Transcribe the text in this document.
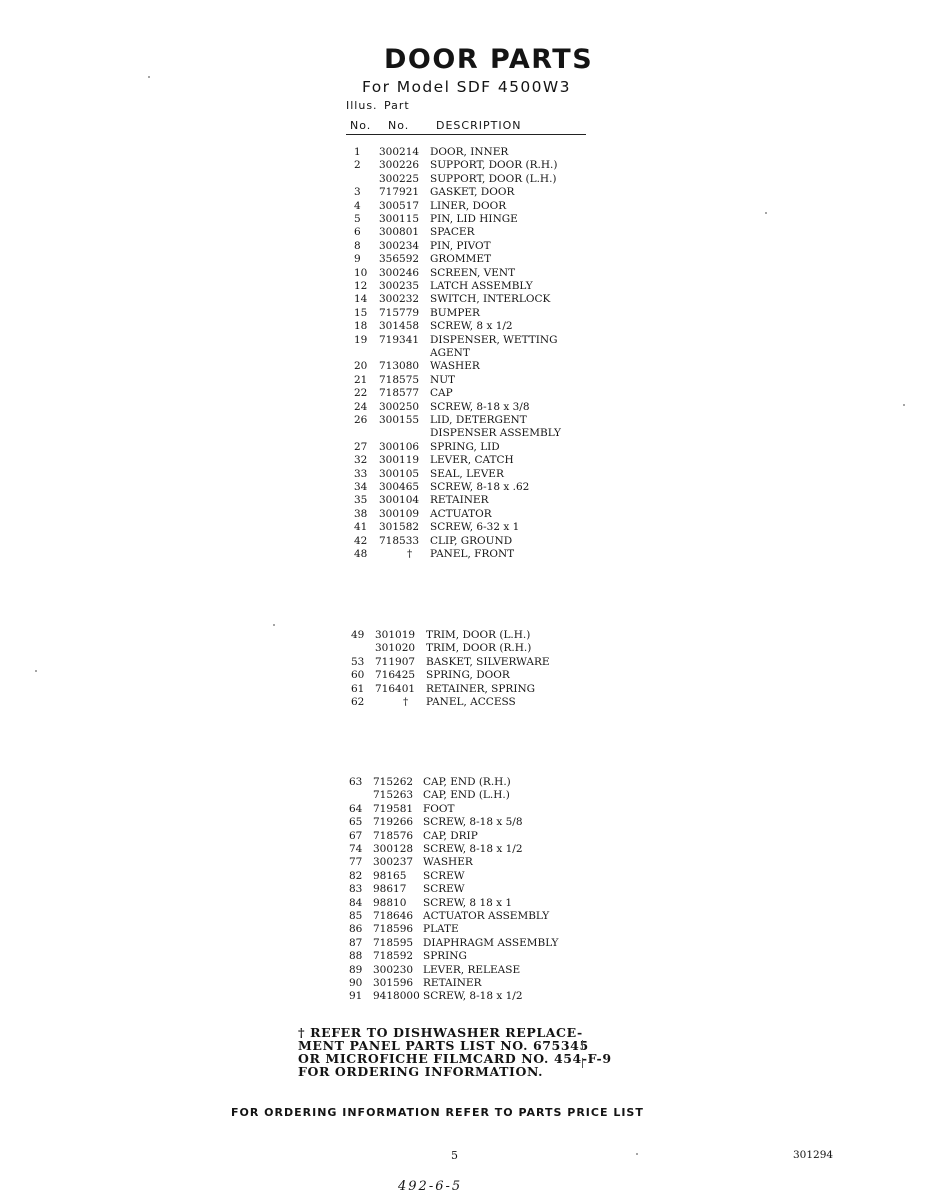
DOOR PARTS
For Model SDF 4500W3
Illus. Part
No. No. DESCRIPTION
1 300214 DOOR, INNER
2 300226 SUPPORT, DOOR (R.H.)
300225 SUPPORT, DOOR (L.H.)
3 717921 GASKET, DOOR
4 300517 LINER, DOOR
5 300115 PIN, LID HINGE
6 300801 SPACER
8 300234 PIN, PIVOT
9 356592 GROMMET
10 300246 SCREEN, VENT
12 300235 LATCH ASSEMBLY
14 300232 SWITCH, INTERLOCK
15 715779 BUMPER
18 301458 SCREW, 8 x 1/2
19 719341 DISPENSER, WETTING
AGENT
20 713080 WASHER
21 718575 NUT
22 718577 CAP
24 300250 SCREW, 8-18 x 3/8
26 300155 LID, DETERGENT
DISPENSER ASSEMBLY
27 300106 SPRING, LID
32 300119 LEVER, CATCH
33 300105 SEAL, LEVER
34 300465 SCREW, 8-18 x .62
35 300104 RETAINER
38 300109 ACTUATOR
41 301582 SCREW, 6-32 x 1
42 718533 CLIP, GROUND
48	† PANEL, FRONT
49 301019 TRIM, DOOR (L.H.)
301020 TRIM, DOOR (R.H.)
53 711907 BASKET, SILVERWARE
60 716425 SPRING, DOOR
61 716401 RETAINER, SPRING
62	† PANEL, ACCESS
63 715262 CAP, END (R.H.)
715263 CAP, END (L.H.)
64 719581 FOOT
65 719266 SCREW, 8-18 x 5/8
67 718576 CAP, DRIP
74 300128 SCREW, 8-18 x 1/2
77 300237 WASHER
82 98165 SCREW
83 98617 SCREW
84 98810 SCREW, 8 18 x 1
85 718646 ACTUATOR ASSEMBLY
86 718596 PLATE
87 718595 DIAPHRAGM ASSEMBLY
88 718592 SPRING
89 300230 LEVER, RELEASE
90 301596 RETAINER
91 9418000 SCREW, 8-18 x 1/2
† REFER TO DISHWASHER REPLACE-
MENT PANEL PARTS LIST NO. 675345
OR MICROFICHE FILMCARD NO. 454-F-9
FOR ORDERING INFORMATION.
FOR ORDERING INFORMATION REFER TO PARTS PRICE LIST
5	301294
492-6-5
